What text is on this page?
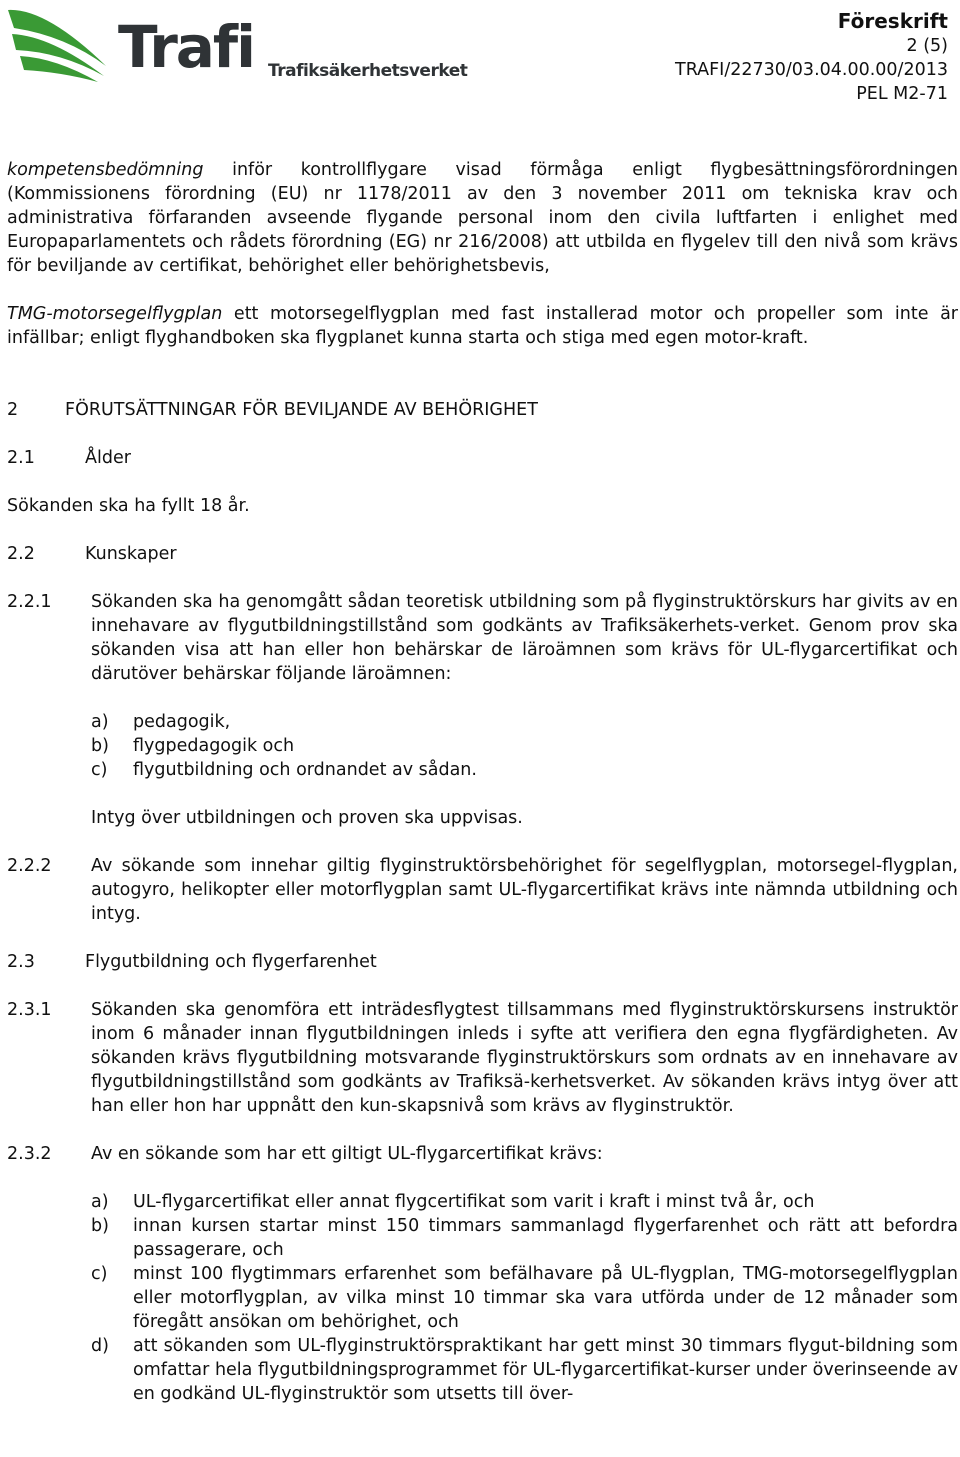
Trafi Trafiksäkerhetsverket
Föreskrift
2 (5)
TRAFI/22730/03.04.00.00/2013
PEL M2-71

kompetensbedömning inför kontrollflygare visad förmåga enligt flygbesättningsförordningen (Kommissionens förordning (EU) nr 1178/2011 av den 3 november 2011 om tekniska krav och administrativa förfaranden avseende flygande personal inom den civila luftfarten i enlighet med Europaparlamentets och rådets förordning (EG) nr 216/2008) att utbilda en flygelev till den nivå som krävs för beviljande av certifikat, behörighet eller behörighetsbevis,

TMG-motorsegelflygplan ett motorsegelflygplan med fast installerad motor och propeller som inte är infällbar; enligt flyghandboken ska flygplanet kunna starta och stiga med egen motor-kraft.

2	FÖRUTSÄTTNINGAR FÖR BEVILJANDE AV BEHÖRIGHET
2.1	Ålder

Sökanden ska ha fyllt 18 år.

2.2	Kunskaper
2.2.1	Sökanden ska ha genomgått sådan teoretisk utbildning som på flyginstruktörskurs har givits av en innehavare av flygutbildningstillstånd som godkänts av Trafiksäkerhets-verket. Genom prov ska sökanden visa att han eller hon behärskar de läroämnen som krävs för UL-flygarcertifikat och därutöver behärskar följande läroämnen:
a)	pedagogik,
b)	flygpedagogik och
c)	flygutbildning och ordnandet av sådan.

Intyg över utbildningen och proven ska uppvisas.

2.2.2	Av sökande som innehar giltig flyginstruktörsbehörighet för segelflygplan, motorsegel-flygplan, autogyro, helikopter eller motorflygplan samt UL-flygarcertifikat krävs inte nämnda utbildning och intyg.
2.3	Flygutbildning och flygerfarenhet
2.3.1	Sökanden ska genomföra ett inträdesflygtest tillsammans med flyginstruktörskursens instruktör inom 6 månader innan flygutbildningen inleds i syfte att verifiera den egna flygfärdigheten. Av sökanden krävs flygutbildning motsvarande flyginstruktörskurs som ordnats av en innehavare av flygutbildningstillstånd som godkänts av Trafiksä-kerhetsverket. Av sökanden krävs intyg över att han eller hon har uppnått den kun-skapsnivå som krävs av flyginstruktör.
2.3.2	Av en sökande som har ett giltigt UL-flygarcertifikat krävs:
a)	UL-flygarcertifikat eller annat flygcertifikat som varit i kraft i minst två år, och
b)	innan kursen startar minst 150 timmars sammanlagd flygerfarenhet och rätt att befordra passagerare, och
c)	minst 100 flygtimmars erfarenhet som befälhavare på UL-flygplan, TMG-motorsegelflygplan eller motorflygplan, av vilka minst 10 timmar ska vara utförda under de 12 månader som föregått ansökan om behörighet, och
d)	att sökanden som UL-flyginstruktörspraktikant har gett minst 30 timmars flygut-bildning som omfattar hela flygutbildningsprogrammet för UL-flygarcertifikat-kurser under överinseende av en godkänd UL-flyginstruktör som utsetts till över-
